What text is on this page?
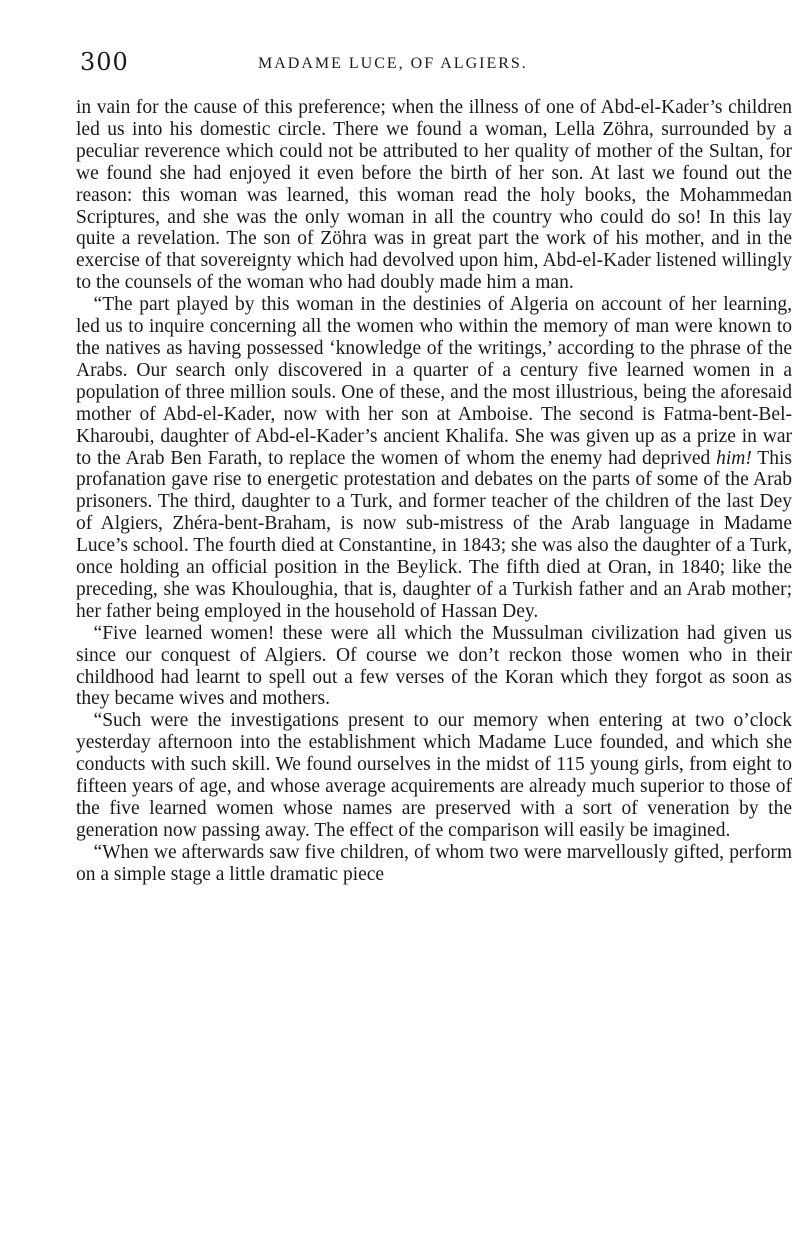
300	MADAME LUCE, OF ALGIERS.

in vain for the cause of this preference; when the illness of one of Abd-el-Kader’s children led us into his domestic circle. There we found a woman, Lella Zöhra, surrounded by a peculiar reverence which could not be attributed to her quality of mother of the Sultan, for we found she had enjoyed it even before the birth of her son. At last we found out the reason: this woman was learned, this woman read the holy books, the Mohammedan Scriptures, and she was the only woman in all the country who could do so! In this lay quite a revelation. The son of Zöhra was in great part the work of his mother, and in the exercise of that sovereignty which had devolved upon him, Abd-el-Kader listened willingly to the counsels of the woman who had doubly made him a man.

“The part played by this woman in the destinies of Algeria on account of her learning, led us to inquire concerning all the women who within the memory of man were known to the natives as having possessed ‘knowledge of the writings,’ according to the phrase of the Arabs. Our search only discovered in a quarter of a century five learned women in a population of three million souls. One of these, and the most illustrious, being the aforesaid mother of Abd-el-Kader, now with her son at Amboise. The second is Fatma-bent-Bel-Kharoubi, daughter of Abd-el-Kader’s ancient Khalifa. She was given up as a prize in war to the Arab Ben Farath, to replace the women of whom the enemy had deprived him! This profanation gave rise to energetic protestation and debates on the parts of some of the Arab prisoners. The third, daughter to a Turk, and former teacher of the children of the last Dey of Algiers, Zhéra-bent-Braham, is now sub-mistress of the Arab language in Madame Luce’s school. The fourth died at Constantine, in 1843; she was also the daughter of a Turk, once holding an official position in the Beylick. The fifth died at Oran, in 1840; like the preceding, she was Khouloughia, that is, daughter of a Turkish father and an Arab mother; her father being employed in the household of Hassan Dey.

“Five learned women! these were all which the Mussulman civilization had given us since our conquest of Algiers. Of course we don’t reckon those women who in their childhood had learnt to spell out a few verses of the Koran which they forgot as soon as they became wives and mothers.

“Such were the investigations present to our memory when entering at two o’clock yesterday afternoon into the establishment which Madame Luce founded, and which she conducts with such skill. We found ourselves in the midst of 115 young girls, from eight to fifteen years of age, and whose average acquirements are already much superior to those of the five learned women whose names are preserved with a sort of veneration by the generation now passing away. The effect of the comparison will easily be imagined.

“When we afterwards saw five children, of whom two were marvellously gifted, perform on a simple stage a little dramatic piece
